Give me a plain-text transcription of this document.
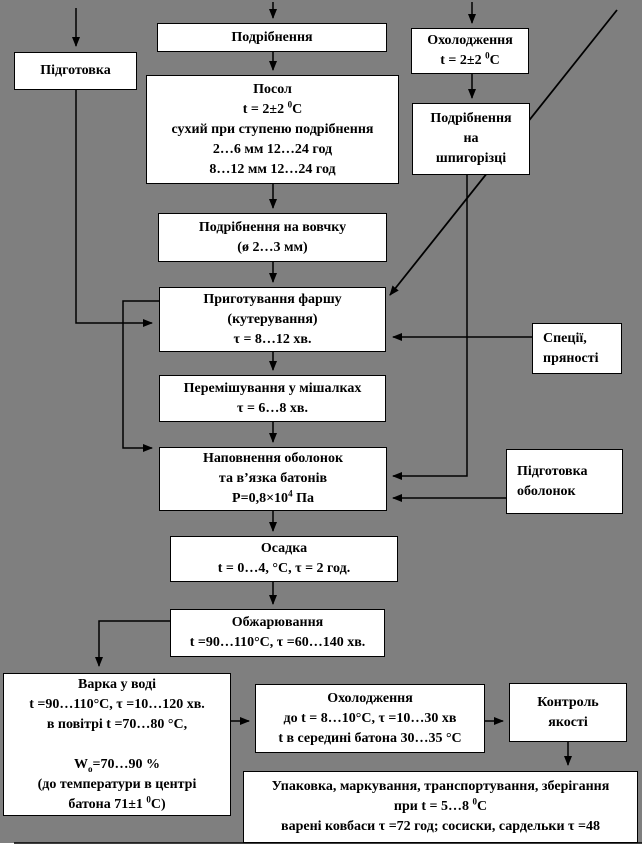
Подрібнення
Підготовка
Охолодження
t = 2±2 $^0$С
Посол
t = 2±2 $^0$С
сухий при ступеню подрібнення
2…6 мм 12…24 год
8…12 мм 12…24 год
Подрібнення
на
шпигорізці
Подрібнення на вовчку
(ø 2…3 мм)
Приготування фаршу
(кутерування)
τ = 8…12 хв.	Спеції,
пряності
Перемішування у мішалках
τ = 6…8 хв.
Наповнення оболонок
та в’язка батонів
$Р=0,8\times 10^4$ Па
Підготовка
оболонок
Осадка
t = 0…4, °С, τ = 2 год.
Обжарювання
t =90…110°С, τ =60…140 хв.
Варка у воді
t =90…110°С, τ =10…120 хв.
в повітрі t =70…80 °С,

$W_о=70\dots 90$ %
(до температури в центрі
батона 71±1 $^0$С)
Охолодження
до t = 8…10°С, τ =10…30 хв
t в середині батона 30…35 °С
Контроль
якості
Упаковка, маркування, транспортування, зберігання
при t = 5…8 $^0$С
варені ковбаси τ =72 год; сосиски, сардельки τ =48
